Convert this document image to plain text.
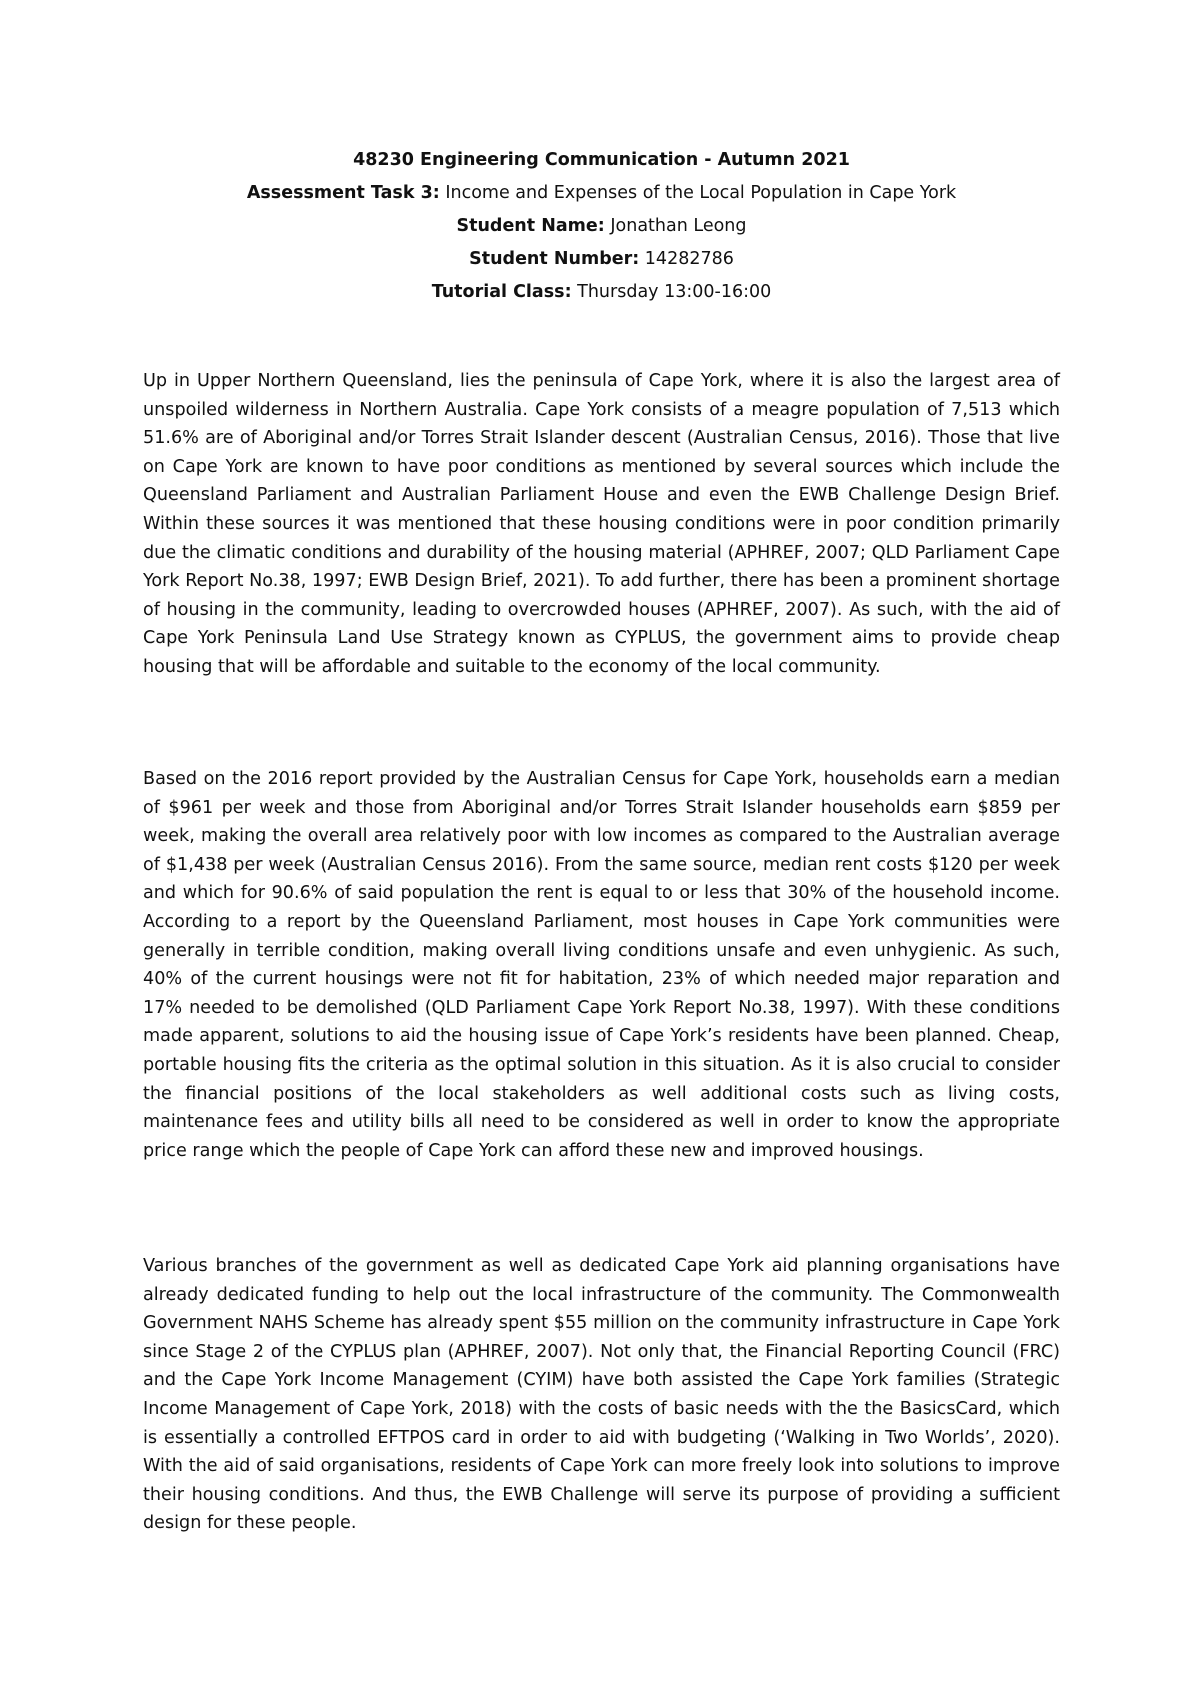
48230 Engineering Communication - Autumn 2021
Assessment Task 3: Income and Expenses of the Local Population in Cape York
Student Name: Jonathan Leong
Student Number: 14282786
Tutorial Class: Thursday 13:00-16:00

Up in Upper Northern Queensland, lies the peninsula of Cape York, where it is also the largest area of unspoiled wilderness in Northern Australia. Cape York consists of a meagre population of 7,513 which 51.6% are of Aboriginal and/or Torres Strait Islander descent (Australian Census, 2016). Those that live on Cape York are known to have poor conditions as mentioned by several sources which include the Queensland Parliament and Australian Parliament House and even the EWB Challenge Design Brief. Within these sources it was mentioned that these housing conditions were in poor condition primarily due the climatic conditions and durability of the housing material (APHREF, 2007; QLD Parliament Cape York Report No.38, 1997; EWB Design Brief, 2021). To add further, there has been a prominent shortage of housing in the community, leading to overcrowded houses (APHREF, 2007). As such, with the aid of Cape York Peninsula Land Use Strategy known as CYPLUS, the government aims to provide cheap housing that will be affordable and suitable to the economy of the local community.

Based on the 2016 report provided by the Australian Census for Cape York, households earn a median of $961 per week and those from Aboriginal and/or Torres Strait Islander households earn $859 per week, making the overall area relatively poor with low incomes as compared to the Australian average of $1,438 per week (Australian Census 2016). From the same source, median rent costs $120 per week and which for 90.6% of said population the rent is equal to or less that 30% of the household income. According to a report by the Queensland Parliament, most houses in Cape York communities were generally in terrible condition, making overall living conditions unsafe and even unhygienic. As such, 40% of the current housings were not fit for habitation, 23% of which needed major reparation and 17% needed to be demolished (QLD Parliament Cape York Report No.38, 1997). With these conditions made apparent, solutions to aid the housing issue of Cape York’s residents have been planned. Cheap, portable housing fits the criteria as the optimal solution in this situation. As it is also crucial to consider the financial positions of the local stakeholders as well additional costs such as living costs, maintenance fees and utility bills all need to be considered as well in order to know the appropriate price range which the people of Cape York can afford these new and improved housings.

Various branches of the government as well as dedicated Cape York aid planning organisations have already dedicated funding to help out the local infrastructure of the community. The Commonwealth Government NAHS Scheme has already spent $55 million on the community infrastructure in Cape York since Stage 2 of the CYPLUS plan (APHREF, 2007). Not only that, the Financial Reporting Council (FRC) and the Cape York Income Management (CYIM) have both assisted the Cape York families (Strategic Income Management of Cape York, 2018) with the costs of basic needs with the the BasicsCard, which is essentially a controlled EFTPOS card in order to aid with budgeting (‘Walking in Two Worlds’, 2020). With the aid of said organisations, residents of Cape York can more freely look into solutions to improve their housing conditions. And thus, the EWB Challenge will serve its purpose of providing a sufficient design for these people.
